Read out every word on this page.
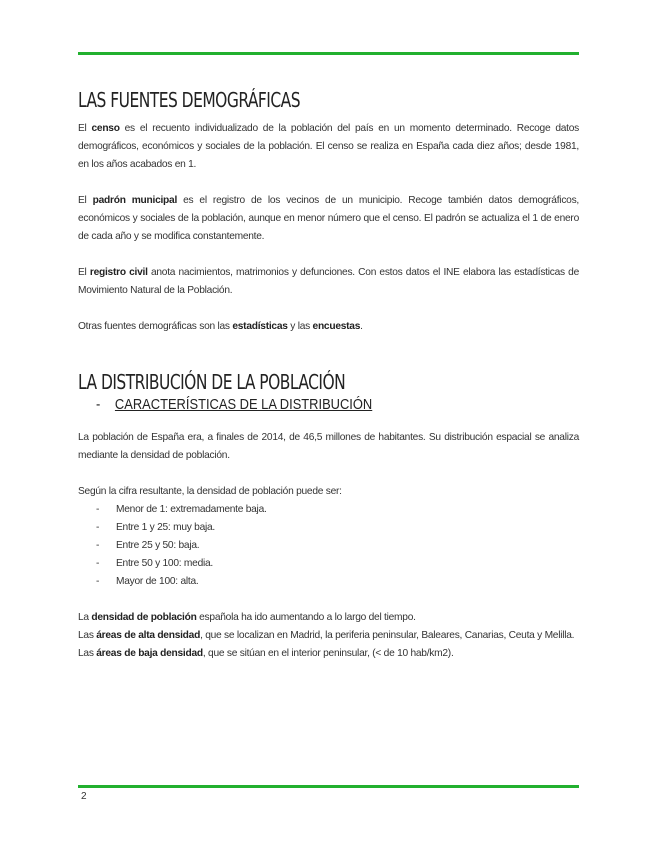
LAS FUENTES DEMOGRÁFICAS

El censo es el recuento individualizado de la población del país en un momento determinado. Recoge datos demográficos, económicos y sociales de la población. El censo se realiza en España cada diez años; desde 1981, en los años acabados en 1.

El padrón municipal es el registro de los vecinos de un municipio. Recoge también datos demográficos, económicos y sociales de la población, aunque en menor número que el censo. El padrón se actualiza el 1 de enero de cada año y se modifica constantemente.

El registro civil anota nacimientos, matrimonios y defunciones. Con estos datos el INE elabora las estadísticas de Movimiento Natural de la Población.

Otras fuentes demográficas son las estadísticas y las encuestas.

LA DISTRIBUCIÓN DE LA POBLACIÓN
- CARACTERÍSTICAS DE LA DISTRIBUCIÓN

La población de España era, a finales de 2014, de 46,5 millones de habitantes. Su distribución espacial se analiza mediante la densidad de población.

Según la cifra resultante, la densidad de población puede ser:

- Menor de 1: extremadamente baja.
- Entre 1 y 25: muy baja.
- Entre 25 y 50: baja.
- Entre 50 y 100: media.
- Mayor de 100: alta.

La densidad de población española ha ido aumentando a lo largo del tiempo.

Las áreas de alta densidad, que se localizan en Madrid, la periferia peninsular, Baleares, Canarias, Ceuta y Melilla.

Las áreas de baja densidad, que se sitúan en el interior peninsular, (< de 10 hab/km2).

2
